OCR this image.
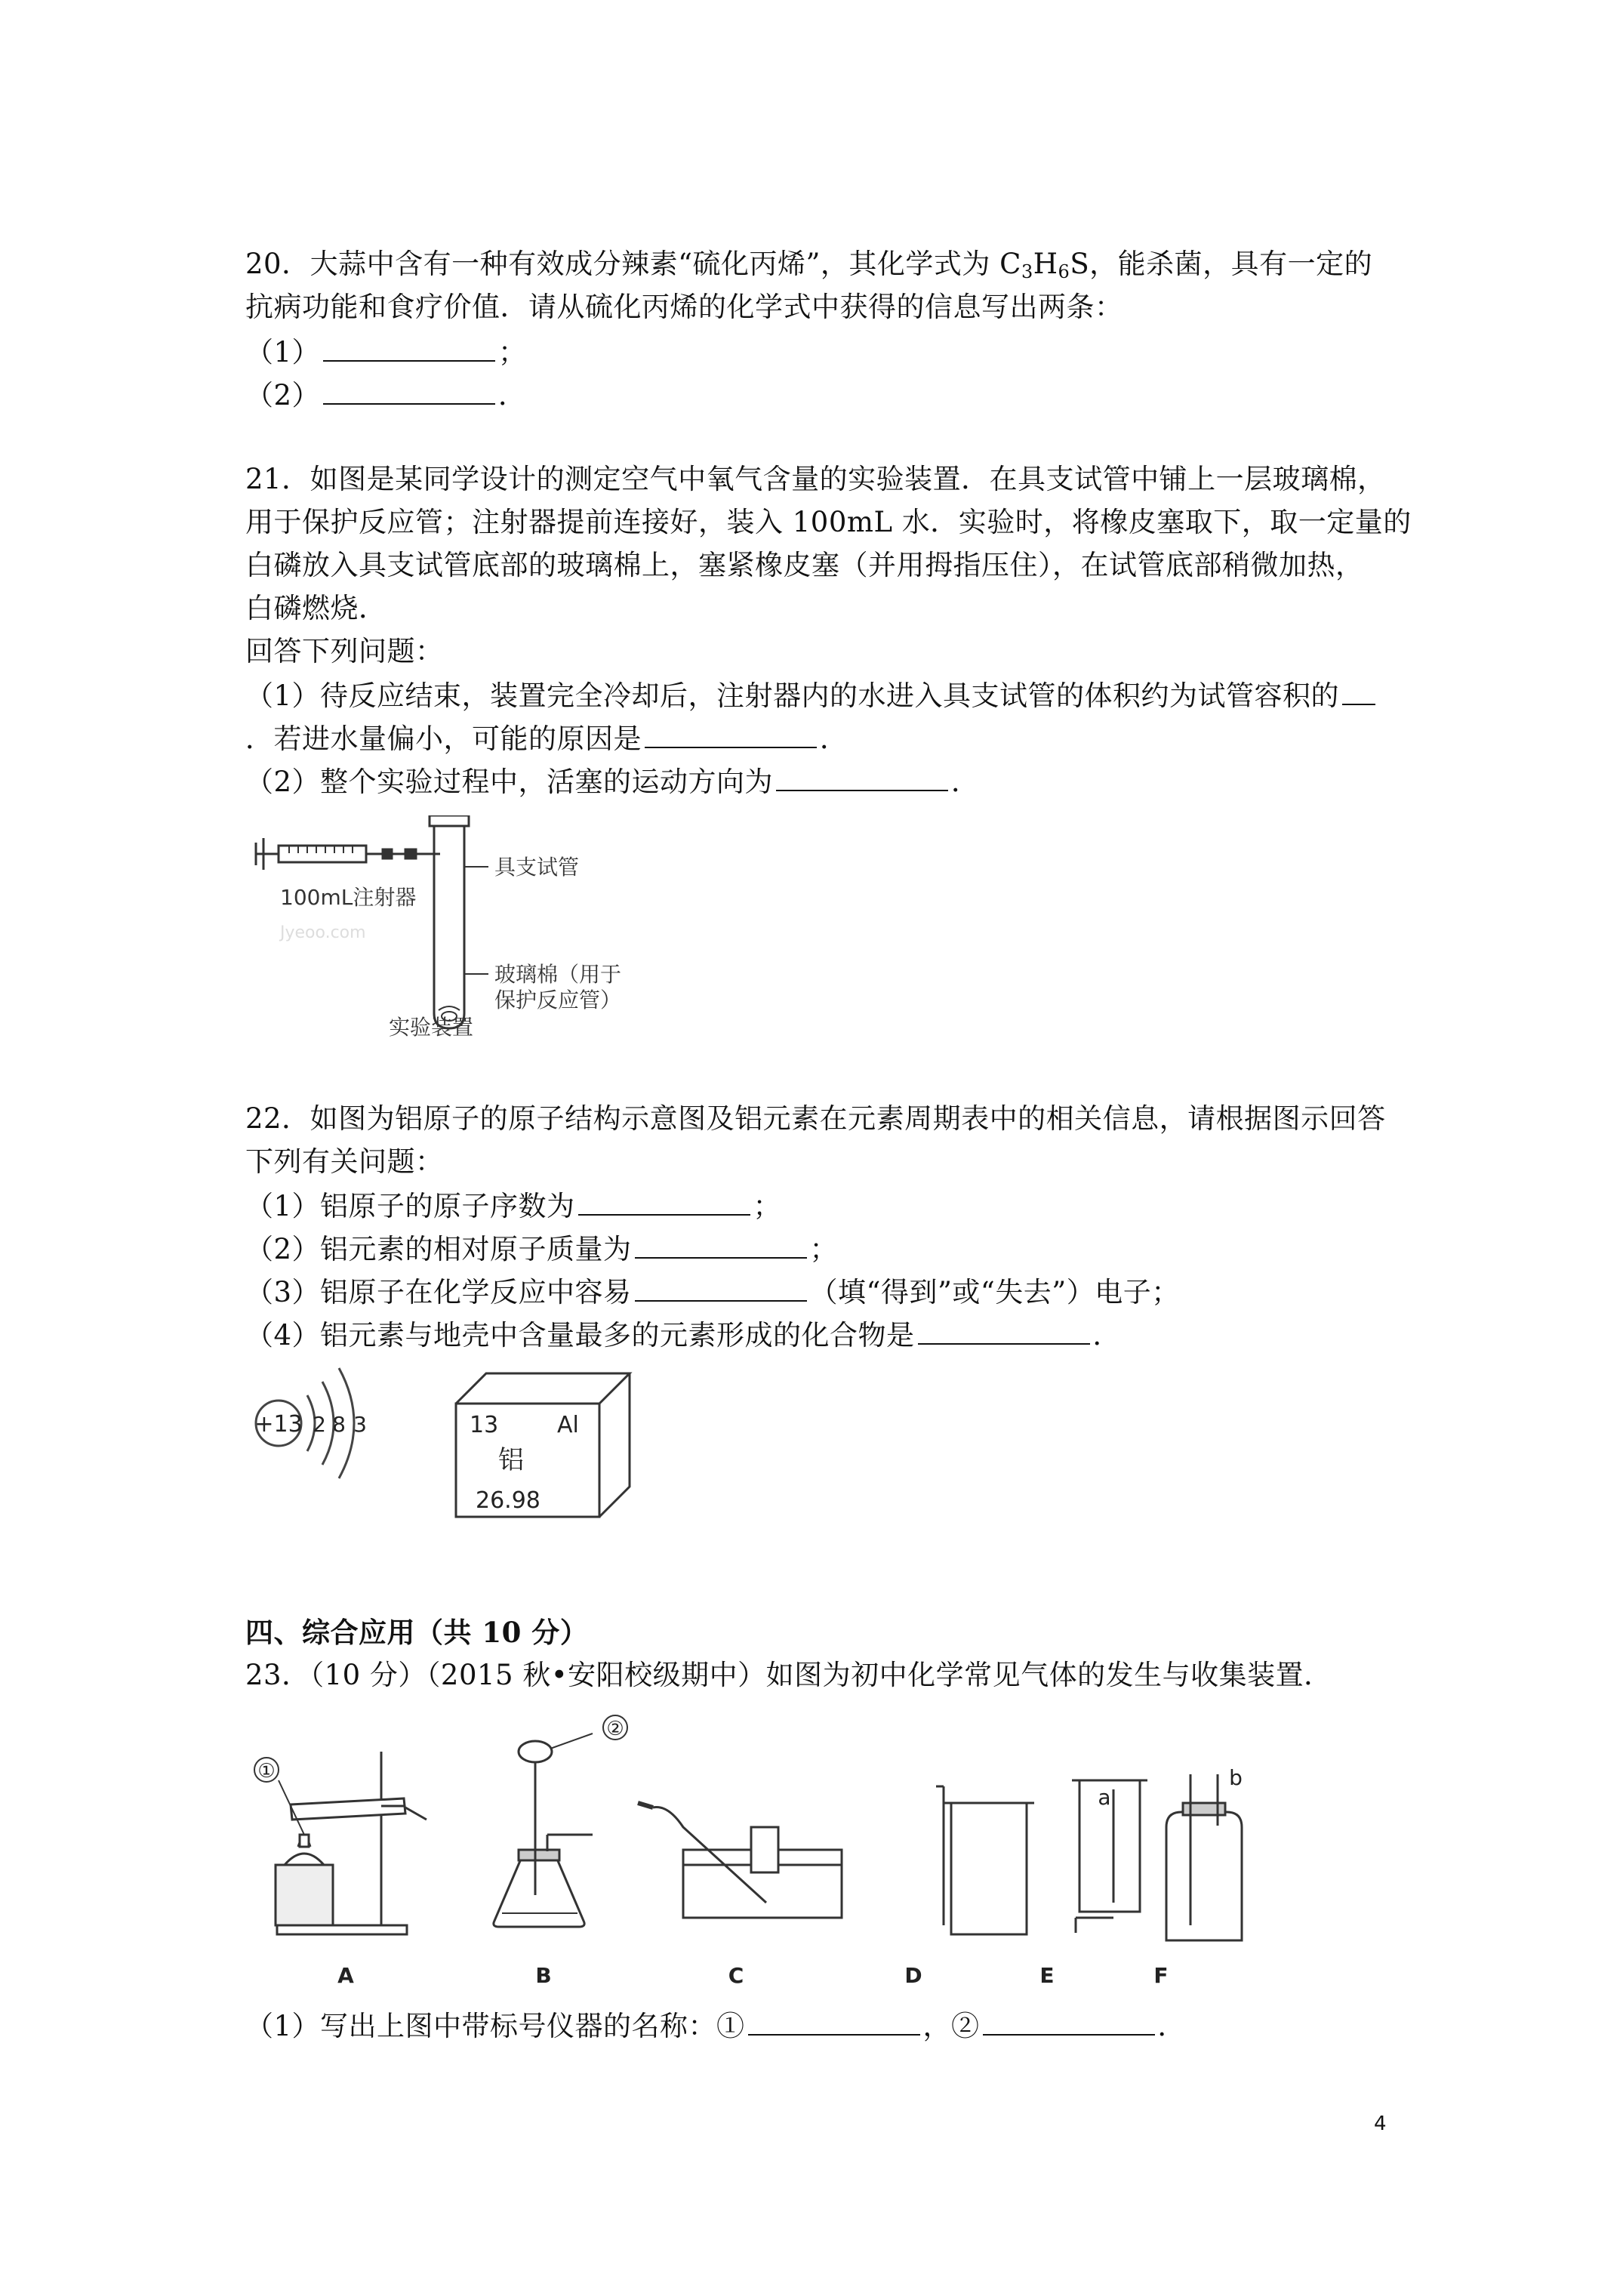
20．大蒜中含有一种有效成分辣素“硫化丙烯”，其化学式为 $C_3H_6S$，能杀菌，具有一定的
抗病功能和食疗价值．请从硫化丙烯的化学式中获得的信息写出两条：
（1）	；
（2）	．
21．如图是某同学设计的测定空气中氧气含量的实验装置．在具支试管中铺上一层玻璃棉，
用于保护反应管；注射器提前连接好，装入 100mL 水．实验时，将橡皮塞取下，取一定量的
白磷放入具支试管底部的玻璃棉上，塞紧橡皮塞（并用拇指压住），在试管底部稍微加热，
白磷燃烧．
回答下列问题：
（1）待反应结束，装置完全冷却后，注射器内的水进入具支试管的体积约为试管容积的
．若进水量偏小，可能的原因是	．
（2）整个实验过程中，活塞的运动方向为	．
100mL注射器
具支试管
玻璃棉（用于
保护反应管）
实验装置
Jyeoo.com
22．如图为铝原子的原子结构示意图及铝元素在元素周期表中的相关信息，请根据图示回答
下列有关问题：
（1）铝原子的原子序数为	；
（2）铝元素的相对原子质量为	；
（3）铝原子在化学反应中容易	（填“得到”或“失去”）电子；
（4）铝元素与地壳中含量最多的元素形成的化合物是	．
+13 2 8 3	13	Al
铝
26.98
四、综合应用（共 10 分）
23．（10 分）（2015 秋•安阳校级期中）如图为初中化学常见气体的发生与收集装置．
①
②
a
b
A	B	C	D	E	F
（1）写出上图中带标号仪器的名称：①	，②	．
4
